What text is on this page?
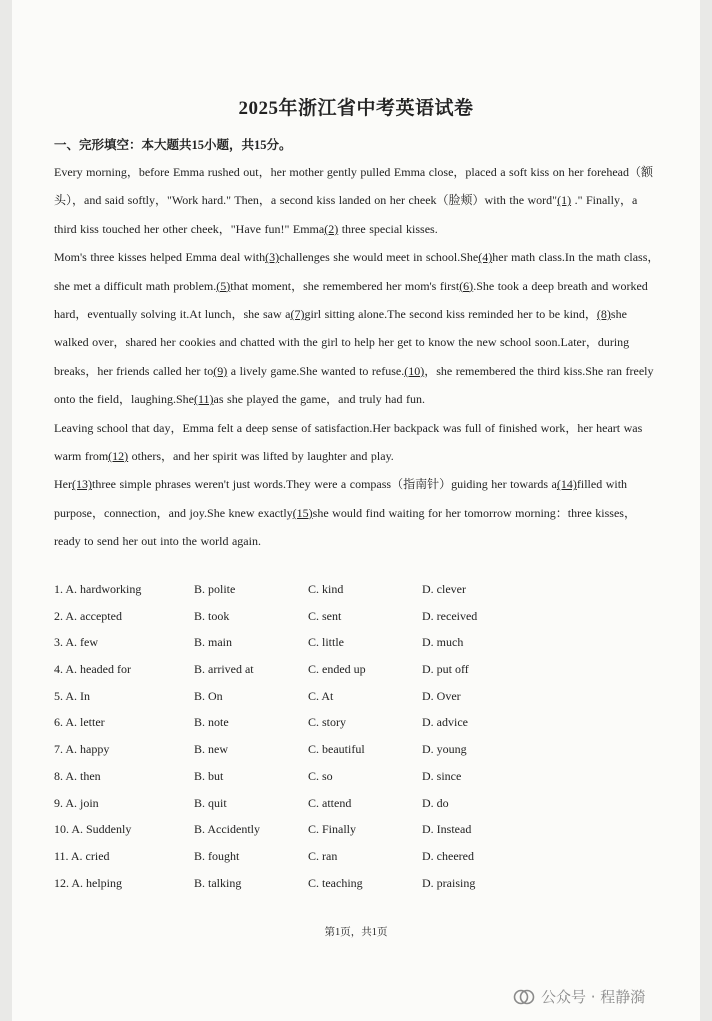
2025年浙江省中考英语试卷
一、完形填空：本大题共15小题，共15分。

Every morning，before Emma rushed out，her mother gently pulled Emma close，placed a soft kiss on her forehead（额头），and said softly，"Work hard." Then，a second kiss landed on her cheek（脸颊）with the word"(1) ." Finally，a third kiss touched her other cheek，"Have fun!" Emma(2) three special kisses.

Mom's three kisses helped Emma deal with(3)challenges she would meet in school.She(4)her math class.In the math class，she met a difficult math problem.(5)that moment，she remembered her mom's first(6).She took a deep breath and worked hard，eventually solving it.At lunch，she saw a(7)girl sitting alone.The second kiss reminded her to be kind，(8)she walked over，shared her cookies and chatted with the girl to help her get to know the new school soon.Later，during breaks，her friends called her to(9) a lively game.She wanted to refuse.(10)，she remembered the third kiss.She ran freely onto the field，laughing.She(11)as she played the game，and truly had fun.

Leaving school that day，Emma felt a deep sense of satisfaction.Her backpack was full of finished work，her heart was warm from(12) others，and her spirit was lifted by laughter and play.

Her(13)three simple phrases weren't just words.They were a compass（指南针）guiding her towards a(14)filled with purpose，connection，and joy.She knew exactly(15)she would find waiting for her tomorrow morning：three kisses，ready to send her out into the world again.

1. A. hardworking	B. polite	C. kind	D. clever
2. A. accepted	B. took	C. sent	D. received
3. A. few	B. main	C. little	D. much
4. A. headed for	B. arrived at	C. ended up	D. put off
5. A. In	B. On	C. At	D. Over
6. A. letter	B. note	C. story	D. advice
7. A. happy	B. new	C. beautiful	D. young
8. A. then	B. but	C. so	D. since
9. A. join	B. quit	C. attend	D. do
10. A. Suddenly	B. Accidently	C. Finally	D. Instead
11. A. cried	B. fought	C. ran	D. cheered
12. A. helping	B. talking	C. teaching	D. praising
第1页，共1页
公众号 · 程静漪
